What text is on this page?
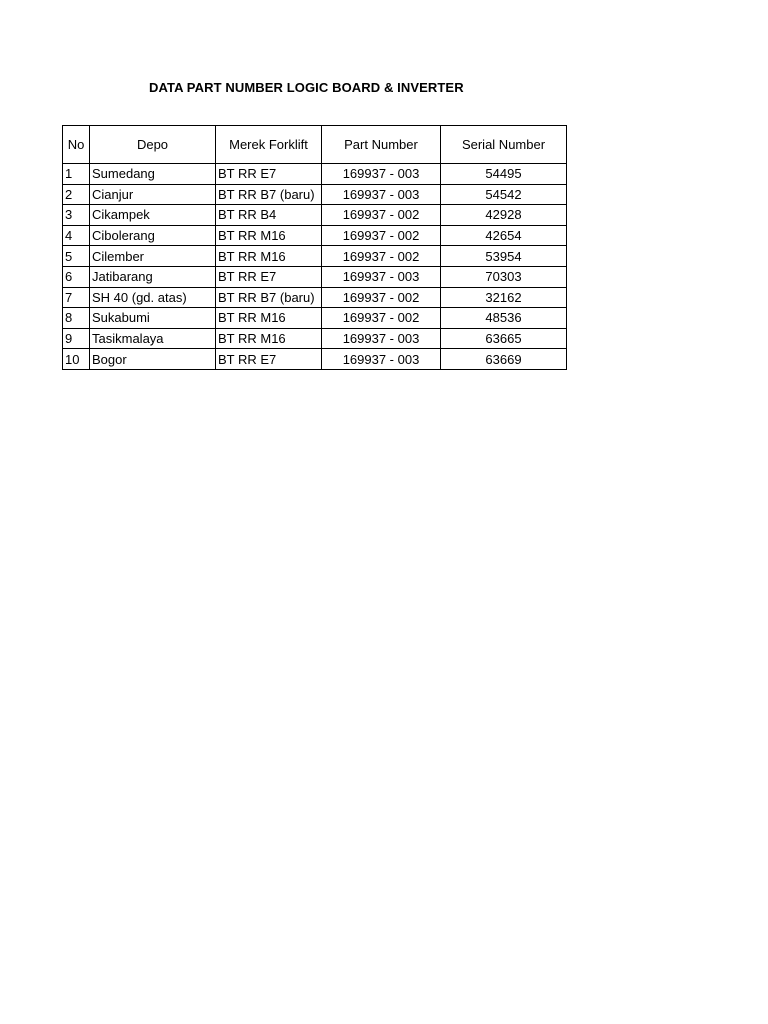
DATA PART NUMBER LOGIC BOARD & INVERTER
No	Depo	Merek Forklift	Part Number	Serial Number
1	Sumedang	BT RR E7	169937 - 003	54495
2	Cianjur	BT RR B7 (baru)	169937 - 003	54542
3	Cikampek	BT RR B4	169937 - 002	42928
4	Cibolerang	BT RR M16	169937 - 002	42654
5	Cilember	BT RR M16	169937 - 002	53954
6	Jatibarang	BT RR E7	169937 - 003	70303
7	SH 40 (gd. atas)	BT RR B7 (baru)	169937 - 002	32162
8	Sukabumi	BT RR M16	169937 - 002	48536
9	Tasikmalaya	BT RR M16	169937 - 003	63665
10	Bogor	BT RR E7	169937 - 003	63669
